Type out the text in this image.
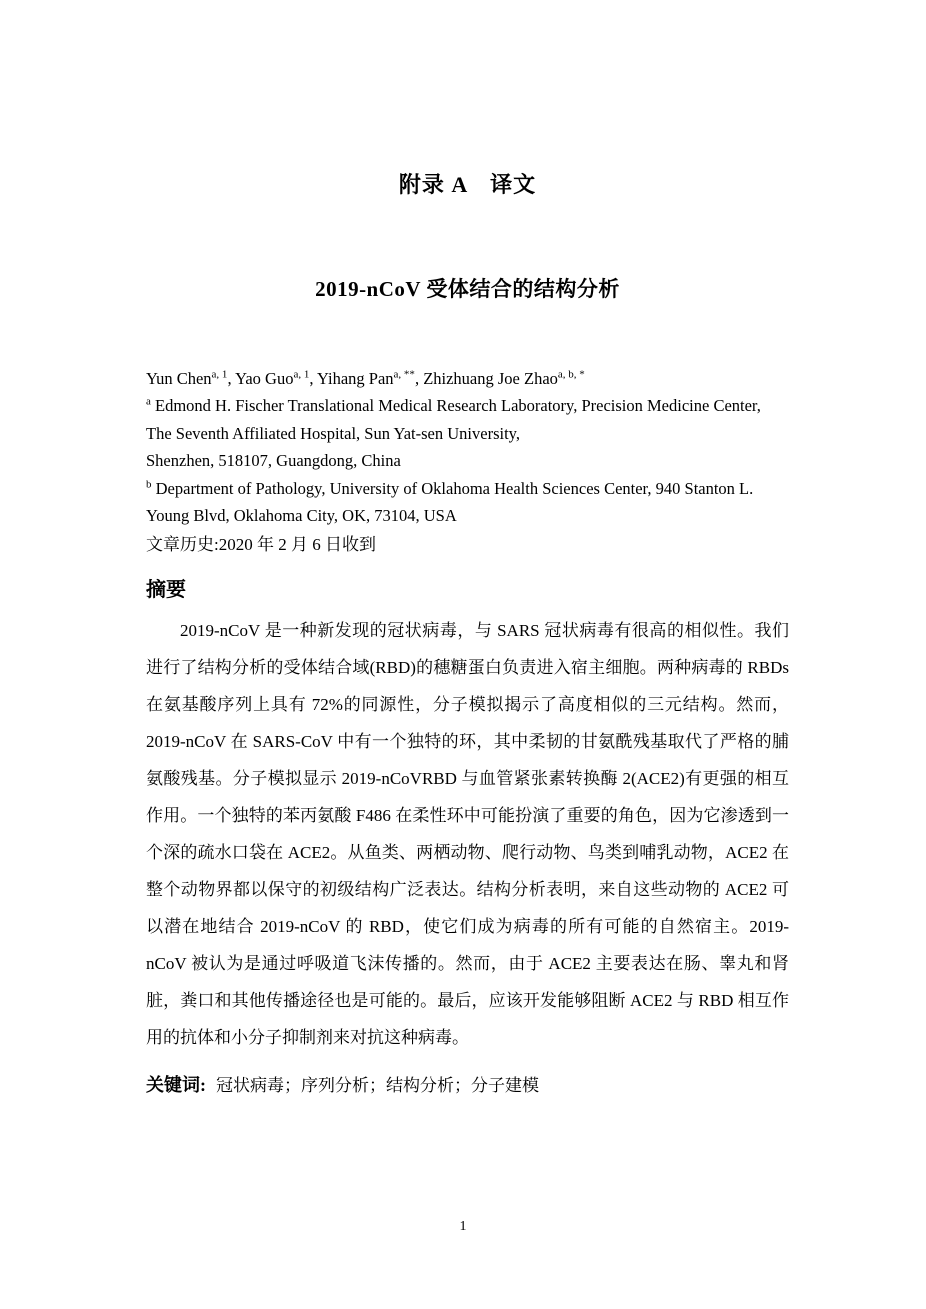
附录 A　译文
2019-nCoV 受体结合的结构分析
Yun Chen$^{a, 1}$, Yao Guo$^{a, 1}$, Yihang Pan$^{a, **}$, Zhizhuang Joe Zhao$^{a, b, *}$

$^a$ Edmond H. Fischer Translational Medical Research Laboratory, Precision Medicine Center, The Seventh Affiliated Hospital, Sun Yat-sen University,

Shenzhen, 518107, Guangdong, China

$^b$ Department of Pathology, University of Oklahoma Health Sciences Center, 940 Stanton L. Young Blvd, Oklahoma City, OK, 73104, USA

文章历史:2020 年 2 月 6 日收到

摘要

2019-nCoV 是一种新发现的冠状病毒，与 SARS 冠状病毒有很高的相似性。我们进行了结构分析的受体结合域(RBD)的穗糖蛋白负责进入宿主细胞。两种病毒的 RBDs 在氨基酸序列上具有 72%的同源性，分子模拟揭示了高度相似的三元结构。然而，2019-nCoV 在 SARS-CoV 中有一个独特的环，其中柔韧的甘氨酰残基取代了严格的脯氨酸残基。分子模拟显示 2019-nCoVRBD 与血管紧张素转换酶 2(ACE2)有更强的相互作用。一个独特的苯丙氨酸 F486 在柔性环中可能扮演了重要的角色，因为它渗透到一个深的疏水口袋在 ACE2。从鱼类、两栖动物、爬行动物、鸟类到哺乳动物，ACE2 在整个动物界都以保守的初级结构广泛表达。结构分析表明，来自这些动物的 ACE2 可以潜在地结合 2019-nCoV 的 RBD，使它们成为病毒的所有可能的自然宿主。2019-nCoV 被认为是通过呼吸道飞沫传播的。然而，由于 ACE2 主要表达在肠、睾丸和肾脏，粪口和其他传播途径也是可能的。最后，应该开发能够阻断 ACE2 与 RBD 相互作用的抗体和小分子抑制剂来对抗这种病毒。

关键词: 冠状病毒；序列分析；结构分析；分子建模

1
